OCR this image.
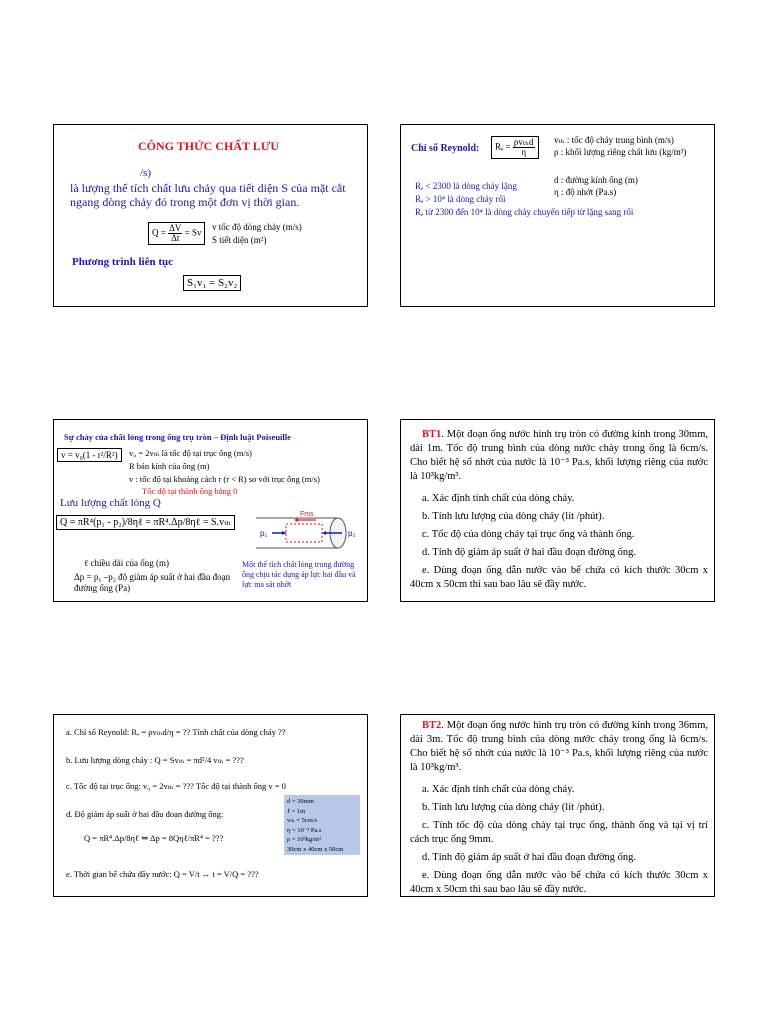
CÔNG THỨC CHẤT LƯU
/s)
là lượng thể tích chất lưu chảy qua tiết diện S của mặt cắt ngang dòng chảy đó trong một đơn vị thời gian.
$Q = \frac{\Delta V}{\Delta t} = Sv$
v tốc độ dòng chảy (m/s)
S tiết diện (m²)
Phương trình liên tục
S₁v₁ = S₂v₂
Chỉ số Reynold:	$R_e = \frac{\text{ρvₜₕd}}{\eta}$ vₜₕ : tốc độ chảy trung bình (m/s)
ρ : khối lượng riêng chất lưu (kg/m³)
d : đường kính ống (m)
η : độ nhớt (Pa.s)
Rₑ < 2300 là dòng chảy lặng
Rₑ > 10⁴ là dòng chảy rối
Rₑ từ 2300 đến 10⁴ là dòng chảy chuyển tiếp từ lặng sang rối
Sự chảy của chất lỏng trong ống trụ tròn – Định luật Poiseuille
v = v₀(1 - r²/R²)	v₀ = 2vₜₕ là tốc độ tại trục ống (m/s)
R bán kính của ống (m)
v : tốc độ tại khoảng cách r (r < R) so với trục ống (m/s)
Tốc độ tại thành ống bằng 0
Lưu lượng chất lỏng Q
Q = πR⁴(p₁ - p₂)/8ηℓ = πR⁴.Δp/8ηℓ = S.vₜₕ
ℓ chiều dài của ống (m)
Δp = p₁ –p₂ độ giảm áp suất ở hai đầu đoạn đường ống (Pa)
Fms
p₁	p₂
Một thể tích chất lỏng trong đường ống chịu tác dụng áp lực hai đầu và lực ma sát nhớt
BT1. Một đoạn ống nước hình trụ tròn có đường kính trong 30mm, dài 1m. Tốc độ trung bình của dòng nước chảy trong ống là 6cm/s. Cho biết hệ số nhớt của nước là 10⁻³ Pa.s, khối lượng riêng của nước là 10³kg/m³.
a. Xác định tính chất của dòng chảy.
b. Tính lưu lượng của dòng chảy (lít /phút).
c. Tốc độ của dòng chảy tại trục ống và thành ống.
d. Tính độ giảm áp suất ở hai đầu đoạn đường ống.
e. Dùng đoạn ống dẫn nước vào bể chứa có kích thước 30cm x 40cm x 50cm thì sau bao lâu sẽ đầy nước.
a. Chỉ số Reynold: Rₑ = ρvₜₕd/η = ?? Tính chất của dòng chảy ??
b. Lưu lượng dòng chảy : Q = Svₜₕ = πd²/4 vₜₕ = ???
c. Tốc độ tại trục ống: v₀ = 2vₜₕ = ??? Tốc độ tại thành ống v = 0
d. Độ giảm áp suất ở hai đầu đoạn đường ống:
Q = πR⁴.Δp/8ηℓ ⇒ Δp = 8Qηℓ/πR⁴ = ???
e. Thời gian bể chứa đầy nước: Q = V/t ↔ t = V/Q = ???
d = 30mm
ℓ = 1m
vₜₕ = 5cm/s
η = 10⁻³ Pa.s
ρ = 10³kg/m³
30cm x 40cm x 50cm
BT2. Một đoạn ống nước hình trụ tròn có đường kính trong 36mm, dài 3m. Tốc độ trung bình của dòng nước chảy trong ống là 6cm/s. Cho biết hệ số nhớt của nước là 10⁻³ Pa.s, khối lượng riêng của nước là 10³kg/m³.
a. Xác định tính chất của dòng chảy.
b. Tính lưu lượng của dòng chảy (lít /phút).
c. Tính tốc độ của dòng chảy tại trục ống, thành ống và tại vị trí cách trục ống 9mm.
d. Tính độ giảm áp suất ở hai đầu đoạn đường ống.
e. Dùng đoạn ống dẫn nước vào bể chứa có kích thước 30cm x 40cm x 50cm thì sau bao lâu sẽ đầy nước.
